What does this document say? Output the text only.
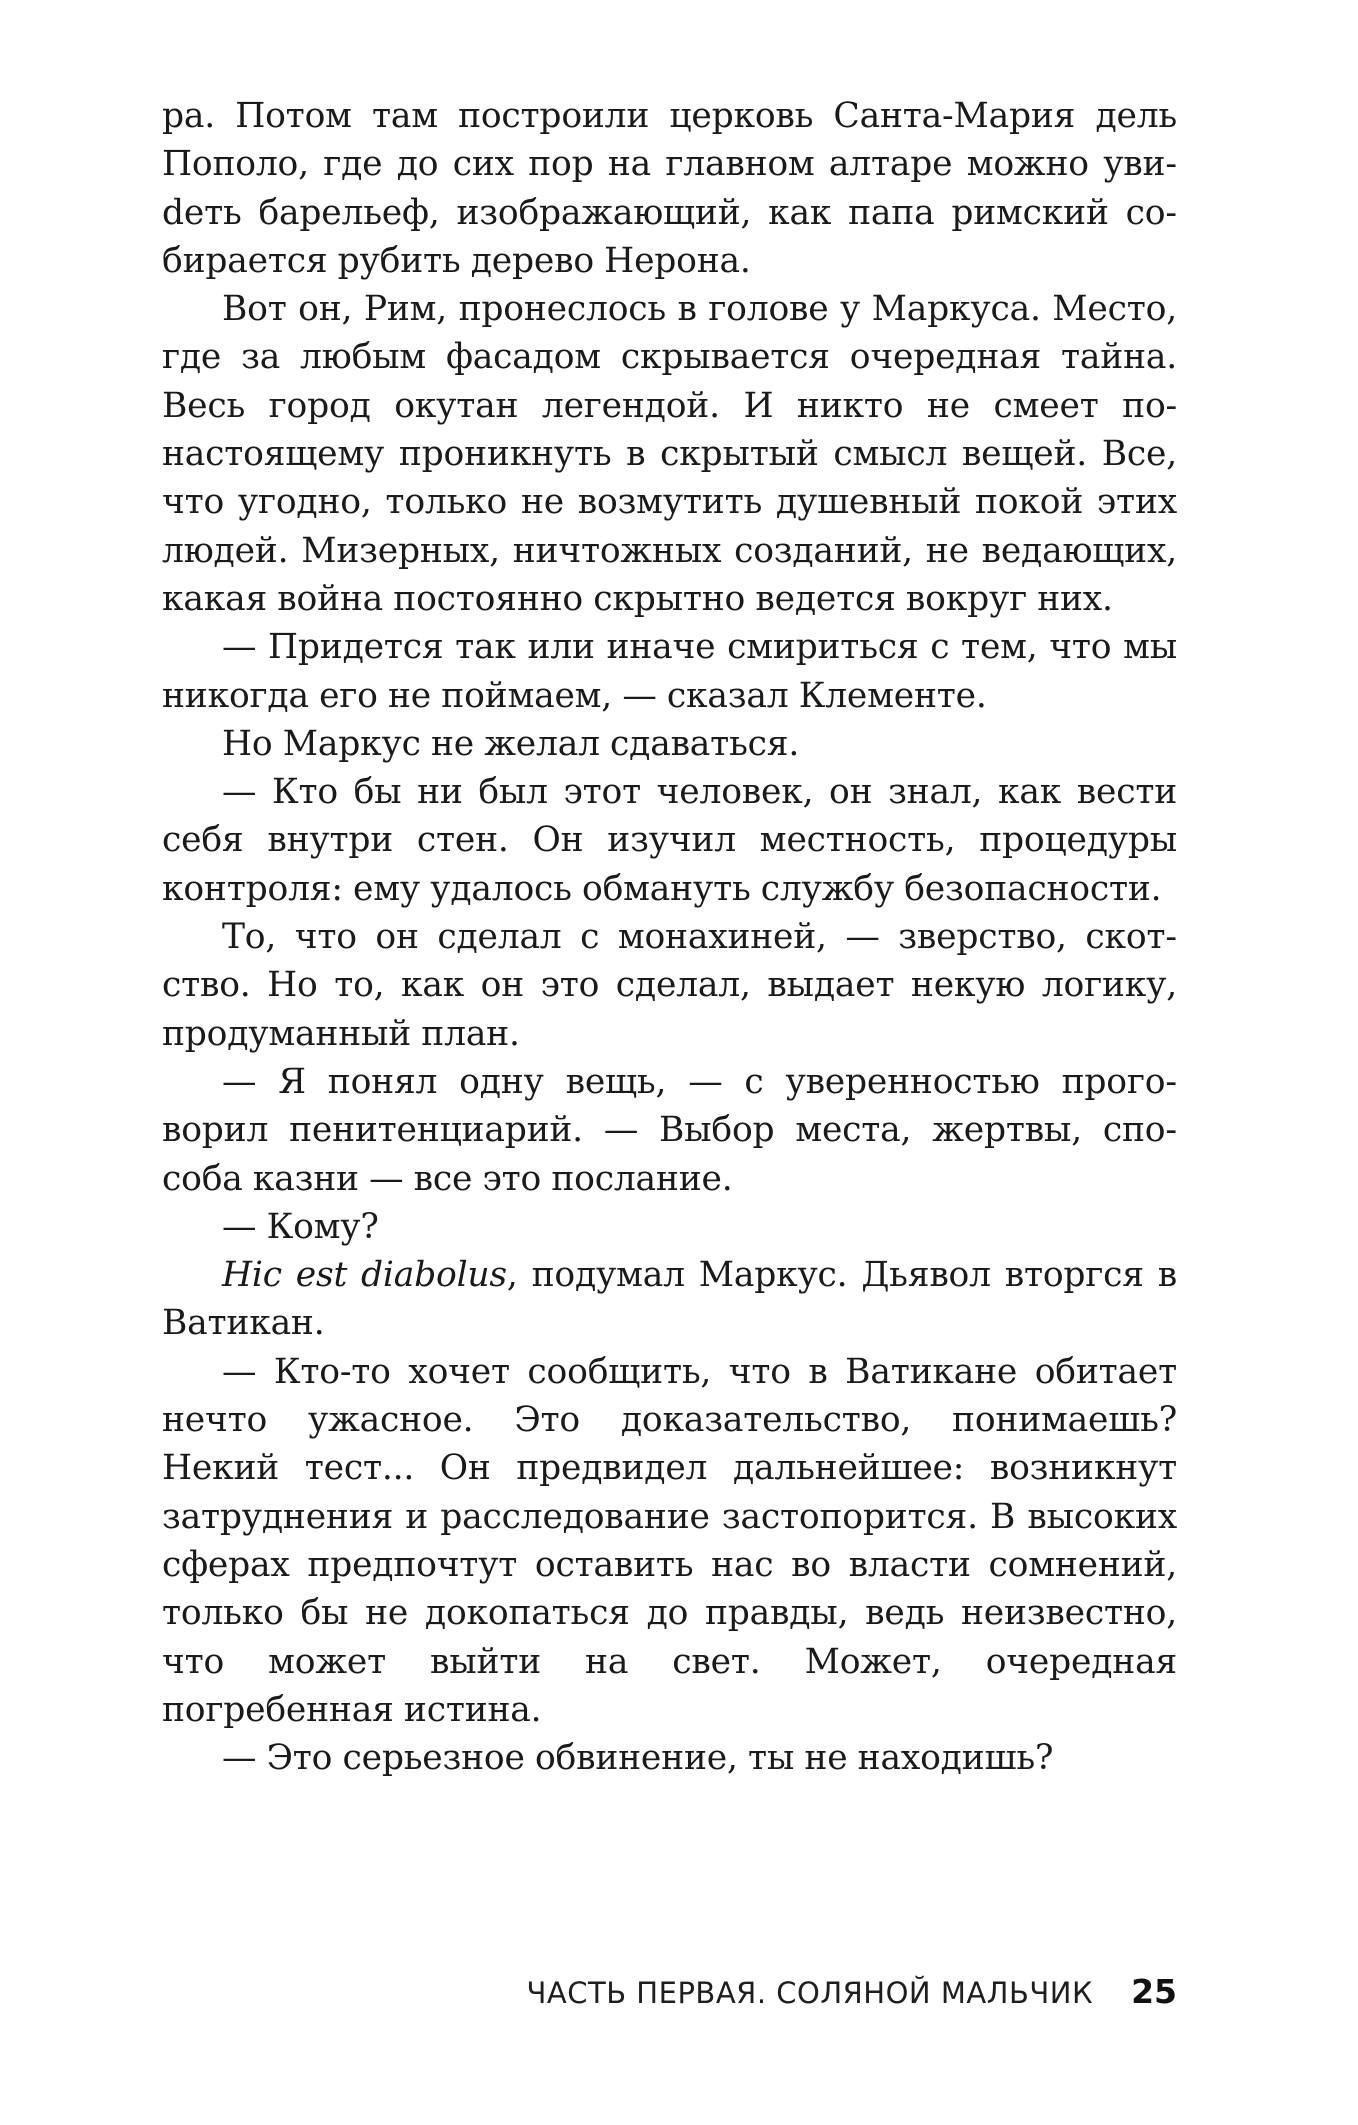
ра. Потом там построили церковь Санта-Мария дель Пополо, где до сих пор на главном алтаре можно увиdеть барельеф, изображающий, как папа римский собирается рубить дерево Нерона.

Вот он, Рим, пронеслось в голове у Маркуса. Место, где за любым фасадом скрывается очередная тайна. Весь город окутан легендой. И никто не смеет по-настоящему проникнуть в скрытый смысл вещей. Все, что угодно, только не возмутить душевный покой этих людей. Мизерных, ничтожных созданий, не ведающих, какая война постоянно скрытно ведется вокруг них.

— Придется так или иначе смириться с тем, что мы никогда его не поймаем, — сказал Клементе.

Но Маркус не желал сдаваться.

— Кто бы ни был этот человек, он знал, как вести себя внутри стен. Он изучил местность, процедуры контроля: ему удалось обмануть службу безопасности.

То, что он сделал с монахиней, — зверство, скотство. Но то, как он это сделал, выдает некую логику, продуманный план.

— Я понял одну вещь, — с уверенностью проговорил пенитенциарий. — Выбор места, жертвы, способа казни — все это послание.

— Кому?

Hic est diabolus, подумал Маркус. Дьявол вторгся в Ватикан.

— Кто-то хочет сообщить, что в Ватикане обитает нечто ужасное. Это доказательство, понимаешь? Некий тест... Он предвидел дальнейшее: возникнут затруднения и расследование застопорится. В высоких сферах предпочтут оставить нас во власти сомнений, только бы не докопаться до правды, ведь неизвестно, что может выйти на свет. Может, очередная погребенная истина.

— Это серьезное обвинение, ты не находишь?

ЧАСТЬ ПЕРВАЯ. СОЛЯНОЙ МАЛЬЧИК 25
